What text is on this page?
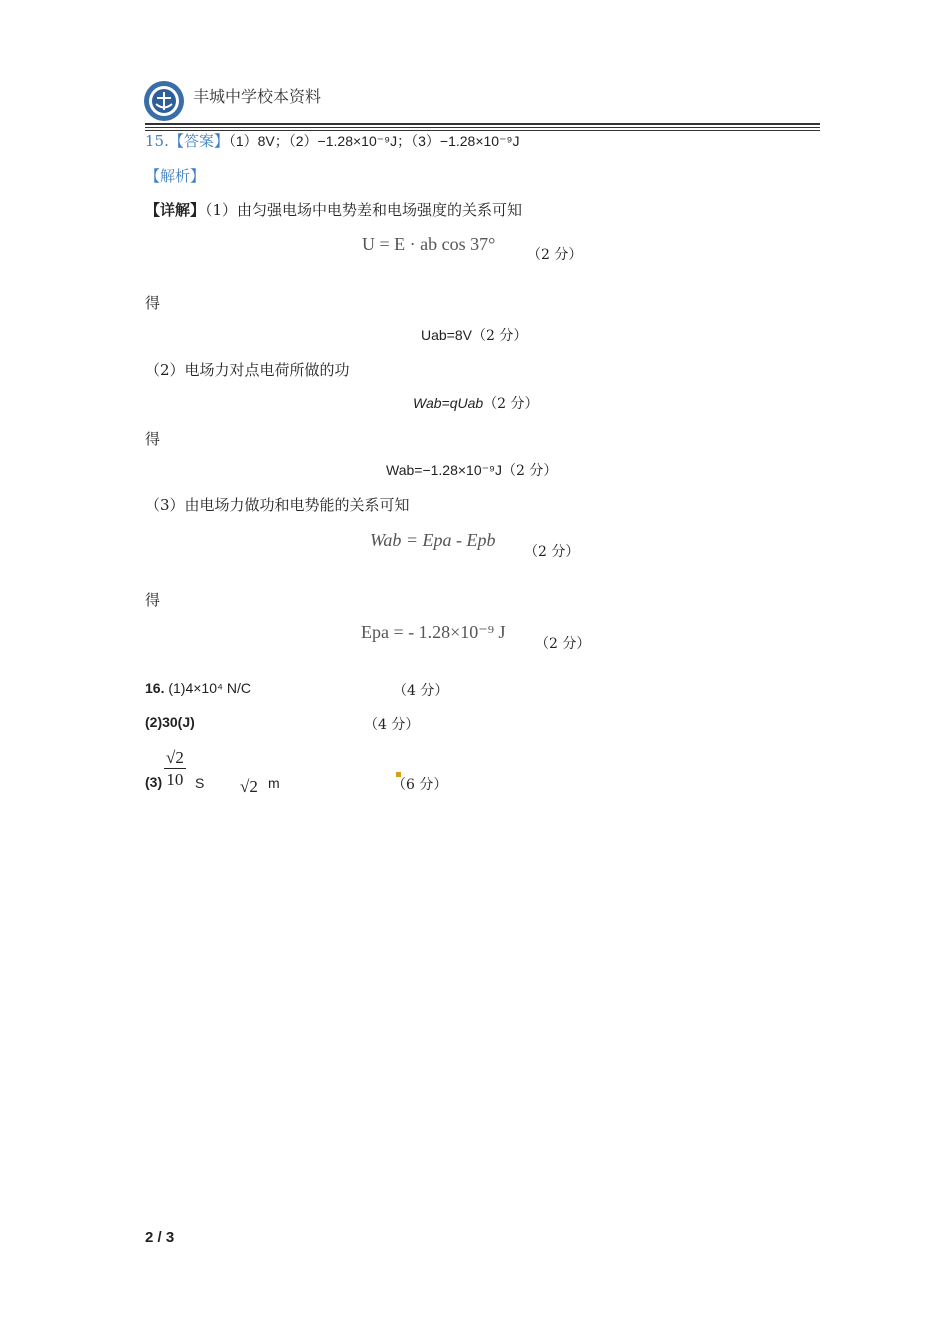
丰城中学校本资料
15.【答案】（1）8V；（2）−1.28×10⁻⁹J；（3）−1.28×10⁻⁹J
【解析】
【详解】（1）由匀强电场中电势差和电场强度的关系可知
U = E · ab cos 37°
（2 分）
得
Uab=8V（2 分）
（2）电场力对点电荷所做的功
Wab=qUab（2 分）
得
Wab=−1.28×10⁻⁹J（2 分）
（3）由电场力做功和电势能的关系可知
Wab = Epa - Epb
（2 分）
得
Epa = - 1.28×10⁻⁹ J
（2 分）
16. (1)4×10⁴ N/C	（4 分）
(2)30(J)	（4 分）
$(3) \frac{√2}{10}$ S √2 m	（6 分）
2 / 3
